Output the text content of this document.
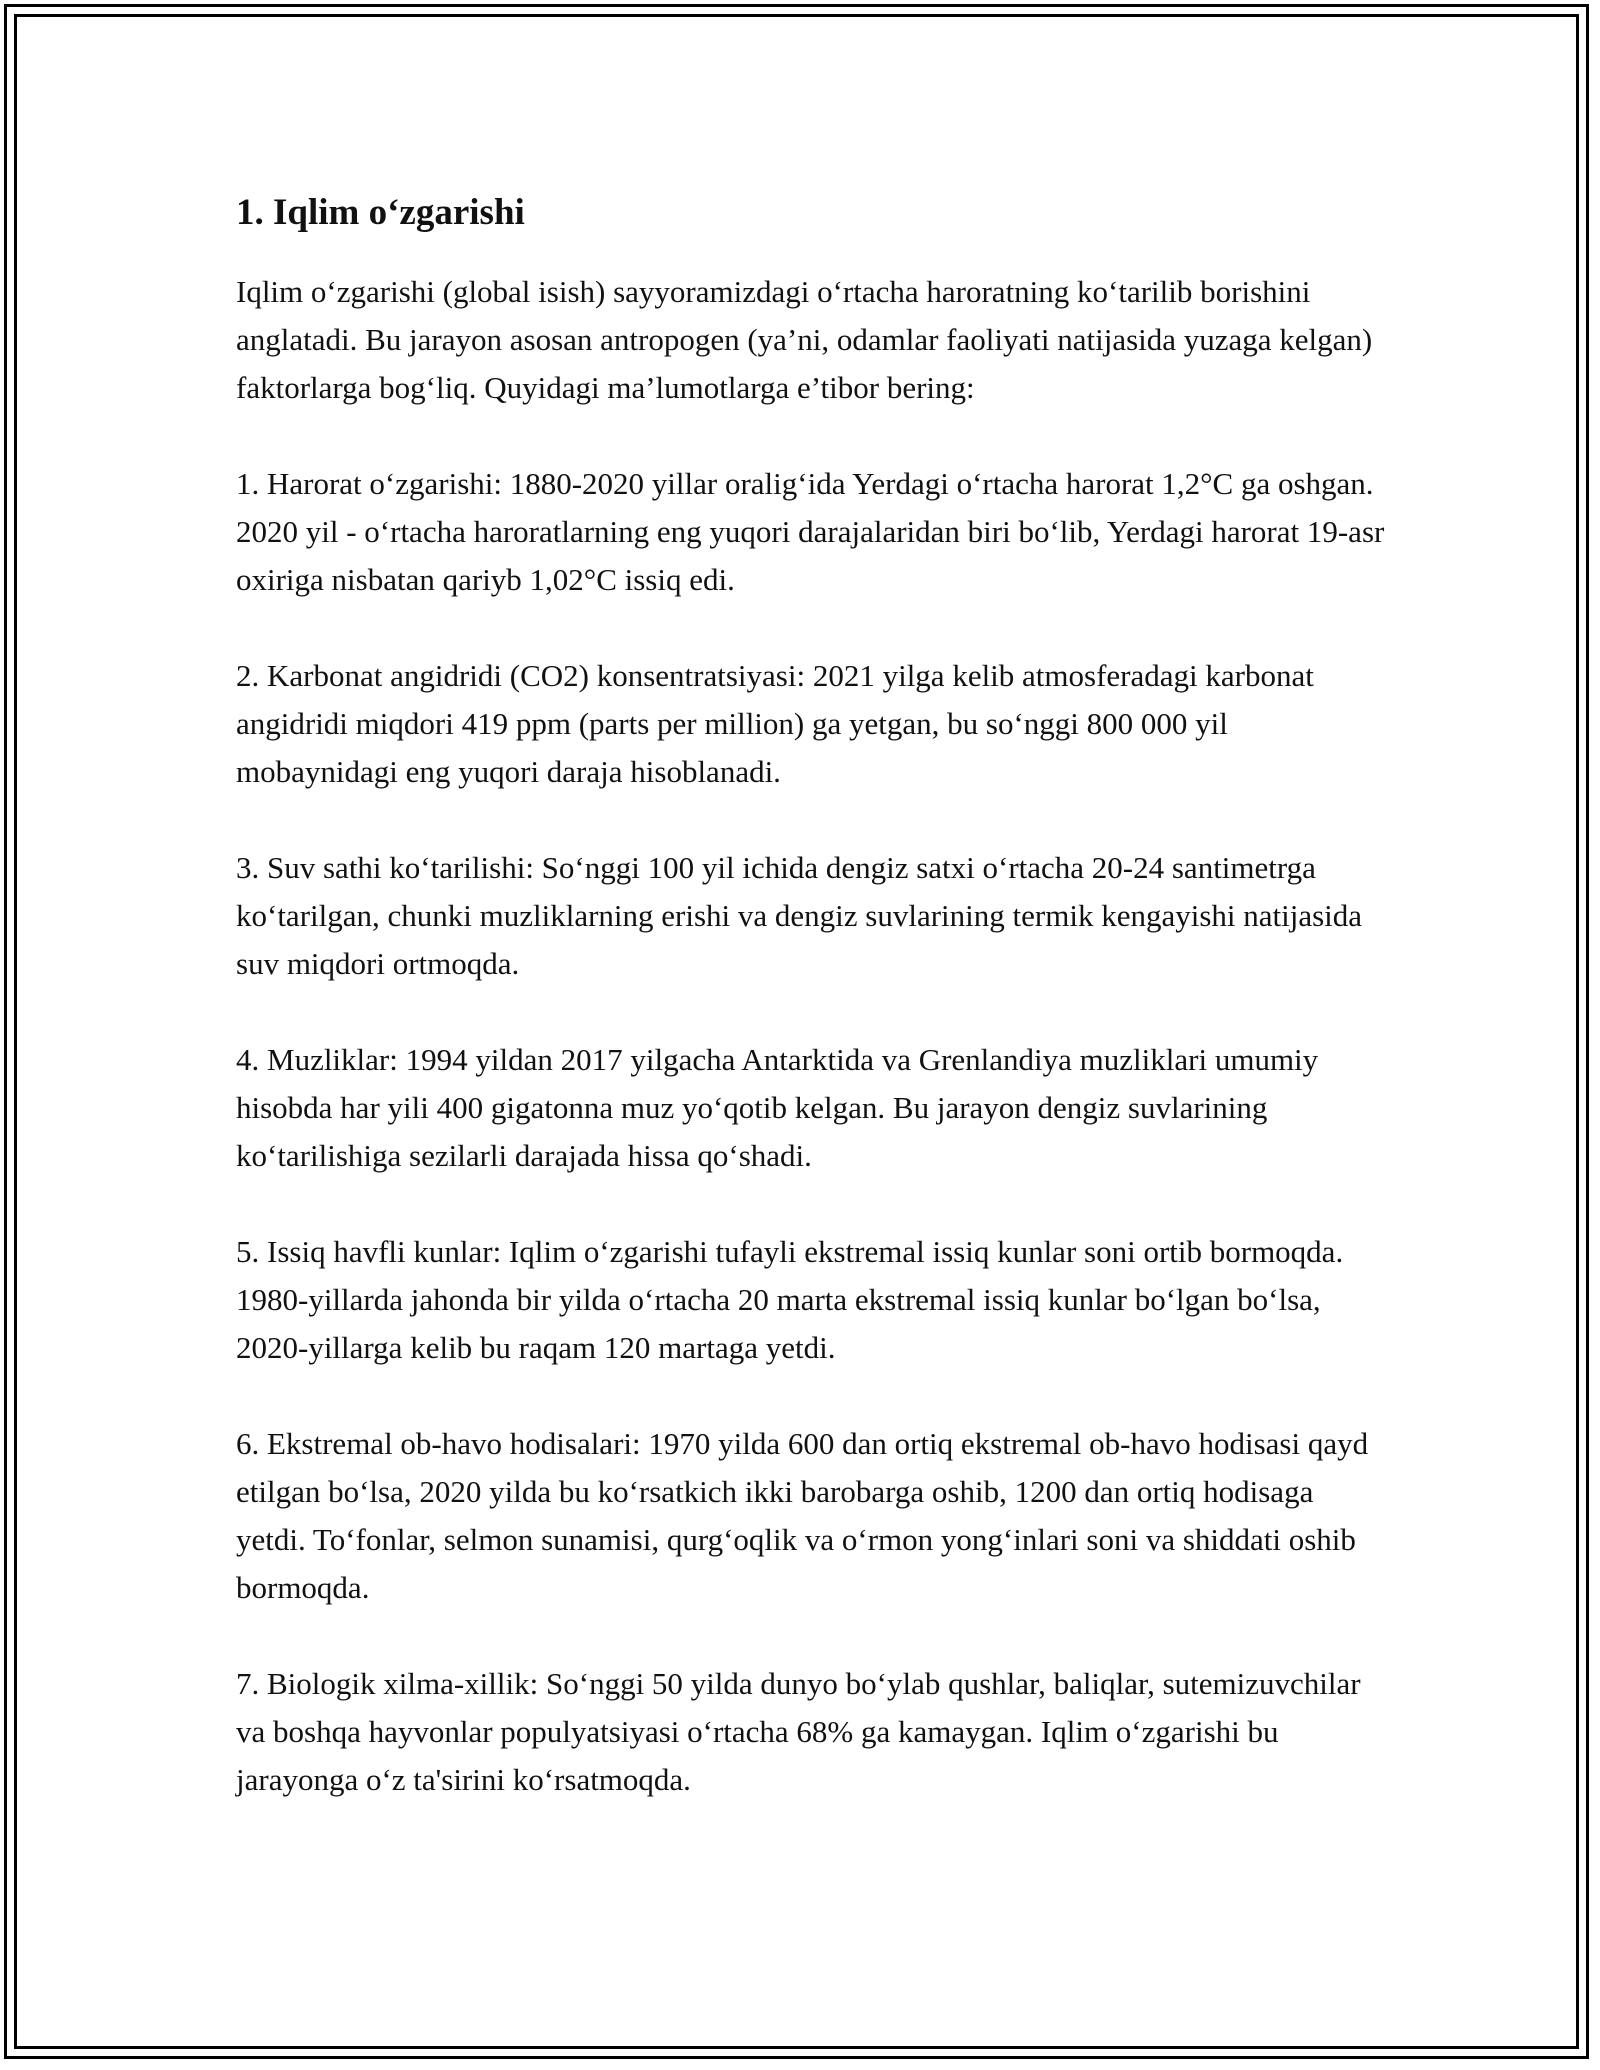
1. Iqlim o‘zgarishi

Iqlim o‘zgarishi (global isish) sayyoramizdagi o‘rtacha haroratning ko‘tarilib borishini anglatadi. Bu jarayon asosan antropogen (ya’ni, odamlar faoliyati natijasida yuzaga kelgan) faktorlarga bog‘liq. Quyidagi ma’lumotlarga e’tibor bering:

1. Harorat o‘zgarishi: 1880-2020 yillar oralig‘ida Yerdagi o‘rtacha harorat 1,2°C ga oshgan. 2020 yil - o‘rtacha haroratlarning eng yuqori darajalaridan biri bo‘lib, Yerdagi harorat 19-asr oxiriga nisbatan qariyb 1,02°C issiq edi.

2. Karbonat angidridi (CO2) konsentratsiyasi: 2021 yilga kelib atmosferadagi karbonat angidridi miqdori 419 ppm (parts per million) ga yetgan, bu so‘nggi 800 000 yil mobaynidagi eng yuqori daraja hisoblanadi.

3. Suv sathi ko‘tarilishi: So‘nggi 100 yil ichida dengiz satxi o‘rtacha 20-24 santimetrga ko‘tarilgan, chunki muzliklarning erishi va dengiz suvlarining termik kengayishi natijasida suv miqdori ortmoqda.

4. Muzliklar: 1994 yildan 2017 yilgacha Antarktida va Grenlandiya muzliklari umumiy hisobda har yili 400 gigatonna muz yo‘qotib kelgan. Bu jarayon dengiz suvlarining ko‘tarilishiga sezilarli darajada hissa qo‘shadi.

5. Issiq havfli kunlar: Iqlim o‘zgarishi tufayli ekstremal issiq kunlar soni ortib bormoqda. 1980-yillarda jahonda bir yilda o‘rtacha 20 marta ekstremal issiq kunlar bo‘lgan bo‘lsa, 2020-yillarga kelib bu raqam 120 martaga yetdi.

6. Ekstremal ob-havo hodisalari: 1970 yilda 600 dan ortiq ekstremal ob-havo hodisasi qayd etilgan bo‘lsa, 2020 yilda bu ko‘rsatkich ikki barobarga oshib, 1200 dan ortiq hodisaga yetdi. To‘fonlar, selmon sunamisi, qurg‘oqlik va o‘rmon yong‘inlari soni va shiddati oshib bormoqda.

7. Biologik xilma-xillik: So‘nggi 50 yilda dunyo bo‘ylab qushlar, baliqlar, sutemizuvchilar va boshqa hayvonlar populyatsiyasi o‘rtacha 68% ga kamaygan. Iqlim o‘zgarishi bu jarayonga o‘z ta'sirini ko‘rsatmoqda.
